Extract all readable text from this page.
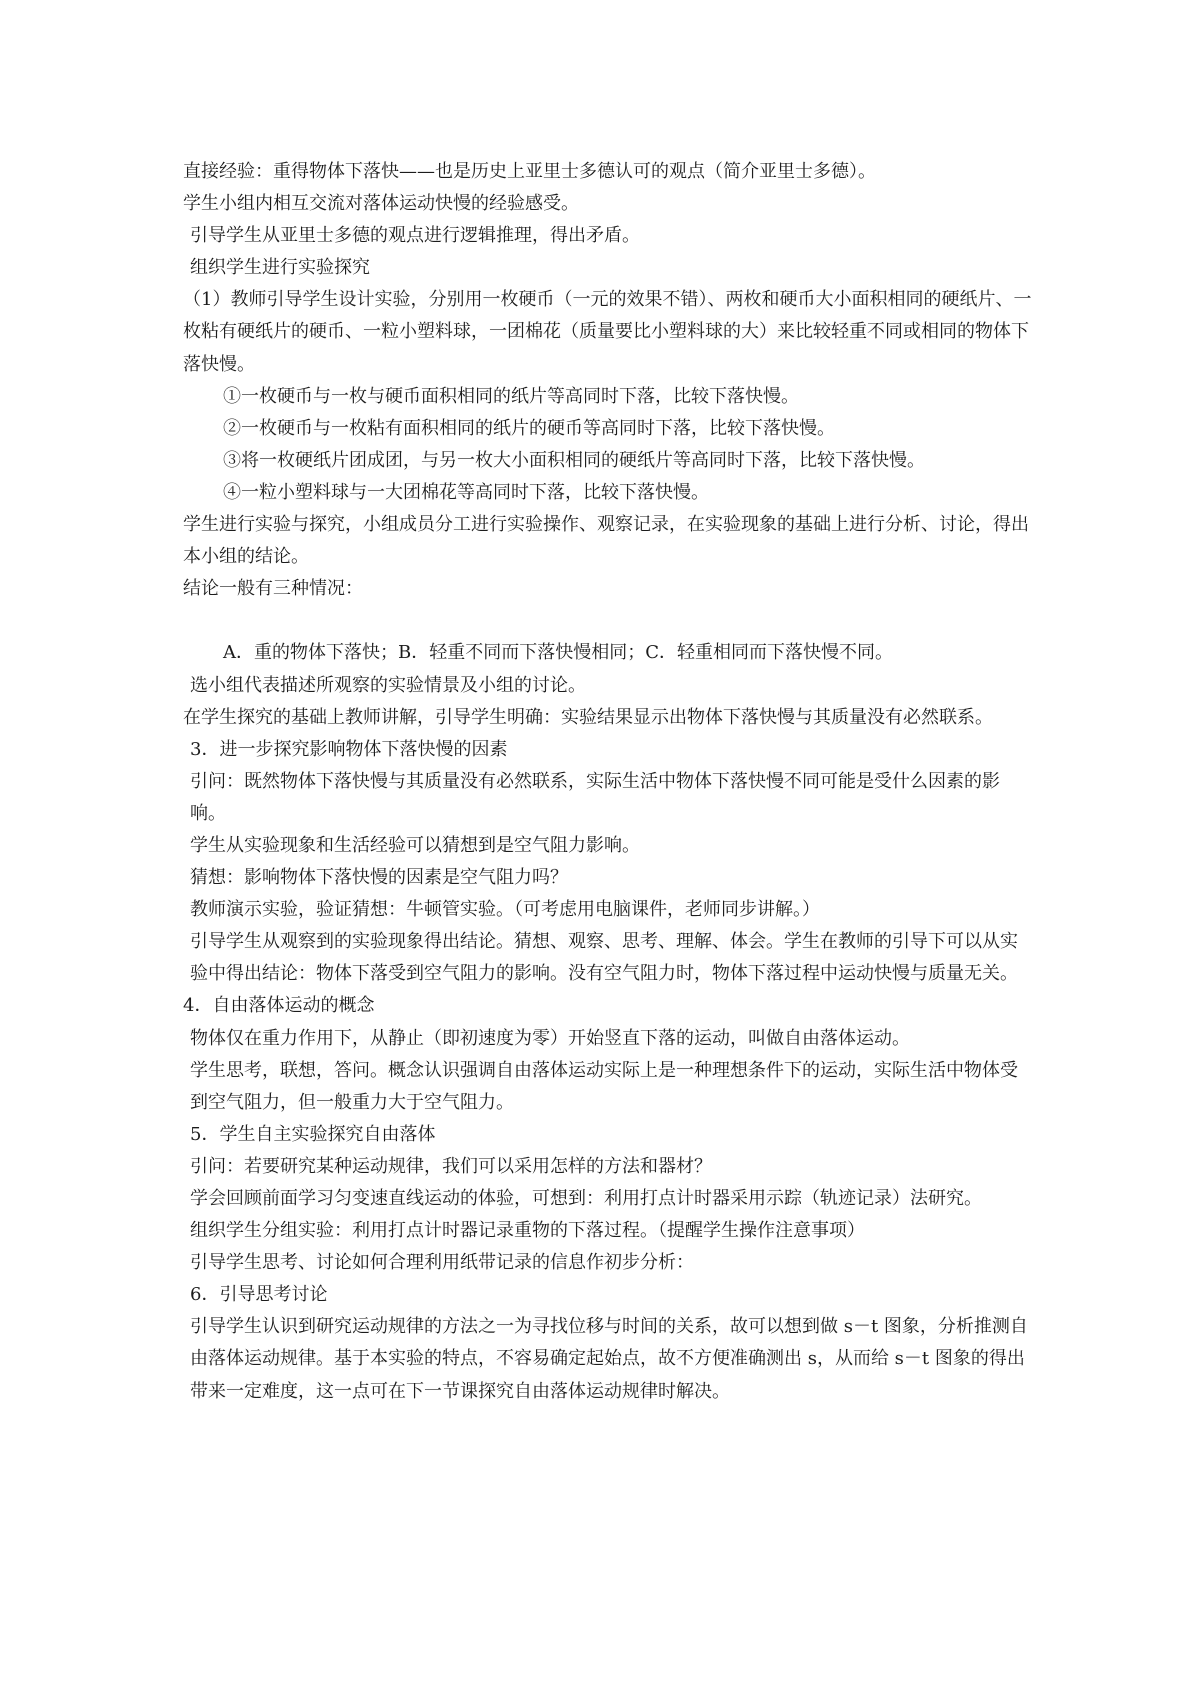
直接经验：重得物体下落快——也是历史上亚里士多德认可的观点（简介亚里士多德）。

学生小组内相互交流对落体运动快慢的经验感受。

引导学生从亚里士多德的观点进行逻辑推理，得出矛盾。

组织学生进行实验探究

（1）教师引导学生设计实验，分别用一枚硬币（一元的效果不错）、两枚和硬币大小面积相同的硬纸片、一枚粘有硬纸片的硬币、一粒小塑料球，一团棉花（质量要比小塑料球的大）来比较轻重不同或相同的物体下落快慢。

①一枚硬币与一枚与硬币面积相同的纸片等高同时下落，比较下落快慢。

②一枚硬币与一枚粘有面积相同的纸片的硬币等高同时下落，比较下落快慢。

③将一枚硬纸片团成团，与另一枚大小面积相同的硬纸片等高同时下落，比较下落快慢。

④一粒小塑料球与一大团棉花等高同时下落，比较下落快慢。

学生进行实验与探究，小组成员分工进行实验操作、观察记录，在实验现象的基础上进行分析、讨论，得出本小组的结论。

结论一般有三种情况：

A．重的物体下落快；B．轻重不同而下落快慢相同；C．轻重相同而下落快慢不同。

选小组代表描述所观察的实验情景及小组的讨论。

在学生探究的基础上教师讲解，引导学生明确：实验结果显示出物体下落快慢与其质量没有必然联系。

3．进一步探究影响物体下落快慢的因素

引问：既然物体下落快慢与其质量没有必然联系，实际生活中物体下落快慢不同可能是受什么因素的影响。

学生从实验现象和生活经验可以猜想到是空气阻力影响。

猜想：影响物体下落快慢的因素是空气阻力吗？

教师演示实验，验证猜想：牛顿管实验。（可考虑用电脑课件，老师同步讲解。）

引导学生从观察到的实验现象得出结论。猜想、观察、思考、理解、体会。学生在教师的引导下可以从实验中得出结论：物体下落受到空气阻力的影响。没有空气阻力时，物体下落过程中运动快慢与质量无关。

4．自由落体运动的概念

物体仅在重力作用下，从静止（即初速度为零）开始竖直下落的运动，叫做自由落体运动。

学生思考，联想，答问。概念认识强调自由落体运动实际上是一种理想条件下的运动，实际生活中物体受到空气阻力，但一般重力大于空气阻力。

5．学生自主实验探究自由落体

引问：若要研究某种运动规律，我们可以采用怎样的方法和器材？

学会回顾前面学习匀变速直线运动的体验，可想到：利用打点计时器采用示踪（轨迹记录）法研究。

组织学生分组实验：利用打点计时器记录重物的下落过程。（提醒学生操作注意事项）

引导学生思考、讨论如何合理利用纸带记录的信息作初步分析：

6．引导思考讨论

引导学生认识到研究运动规律的方法之一为寻找位移与时间的关系，故可以想到做 s－t 图象，分析推测自由落体运动规律。基于本实验的特点，不容易确定起始点，故不方便准确测出 s，从而给 s－t 图象的得出带来一定难度，这一点可在下一节课探究自由落体运动规律时解决。
